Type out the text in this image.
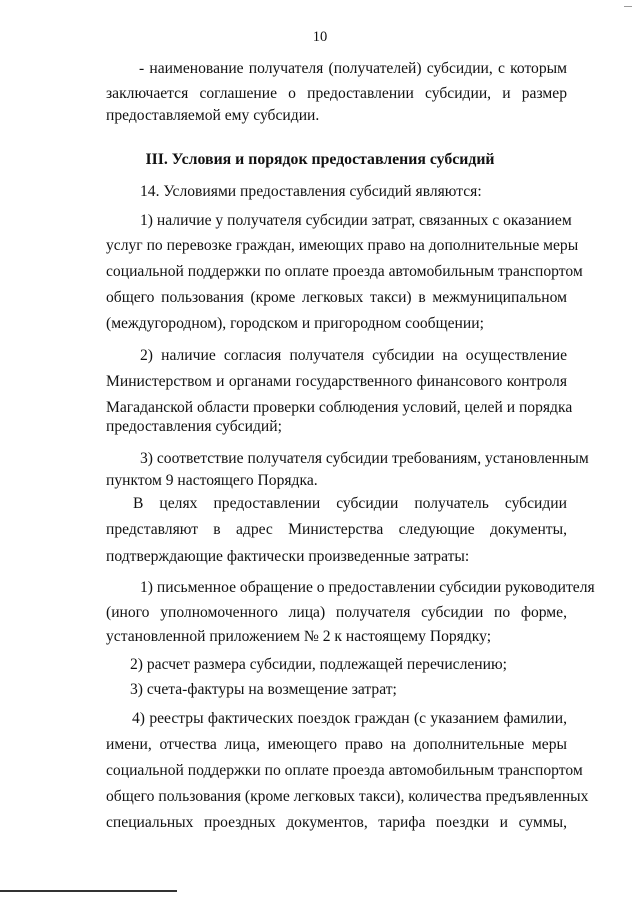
10
- наименование получателя (получателей) субсидии, с которым
заключается соглашение о предоставлении субсидии, и размер
предоставляемой ему субсидии.
III. Условия и порядок предоставления субсидий
14. Условиями предоставления субсидий являются:
1) наличие у получателя субсидии затрат, связанных с оказанием
услуг по перевозке граждан, имеющих право на дополнительные меры
социальной поддержки по оплате проезда автомобильным транспортом
общего пользования (кроме легковых такси) в межмуниципальном
(междугородном), городском и пригородном сообщении;
2) наличие согласия получателя субсидии на осуществление
Министерством и органами государственного финансового контроля
Магаданской области проверки соблюдения условий, целей и порядка
предоставления субсидий;
3) соответствие получателя субсидии требованиям, установленным
пунктом 9 настоящего Порядка.
В целях предоставлении субсидии получатель субсидии
представляют в адрес Министерства следующие документы,
подтверждающие фактически произведенные затраты:
1) письменное обращение о предоставлении субсидии руководителя
(иного уполномоченного лица) получателя субсидии по форме,
установленной приложением № 2 к настоящему Порядку;
2) расчет размера субсидии, подлежащей перечислению;
3) счета-фактуры на возмещение затрат;
4) реестры фактических поездок граждан (с указанием фамилии,
имени, отчества лица, имеющего право на дополнительные меры
социальной поддержки по оплате проезда автомобильным транспортом
общего пользования (кроме легковых такси), количества предъявленных
специальных проездных документов, тарифа поездки и суммы,
